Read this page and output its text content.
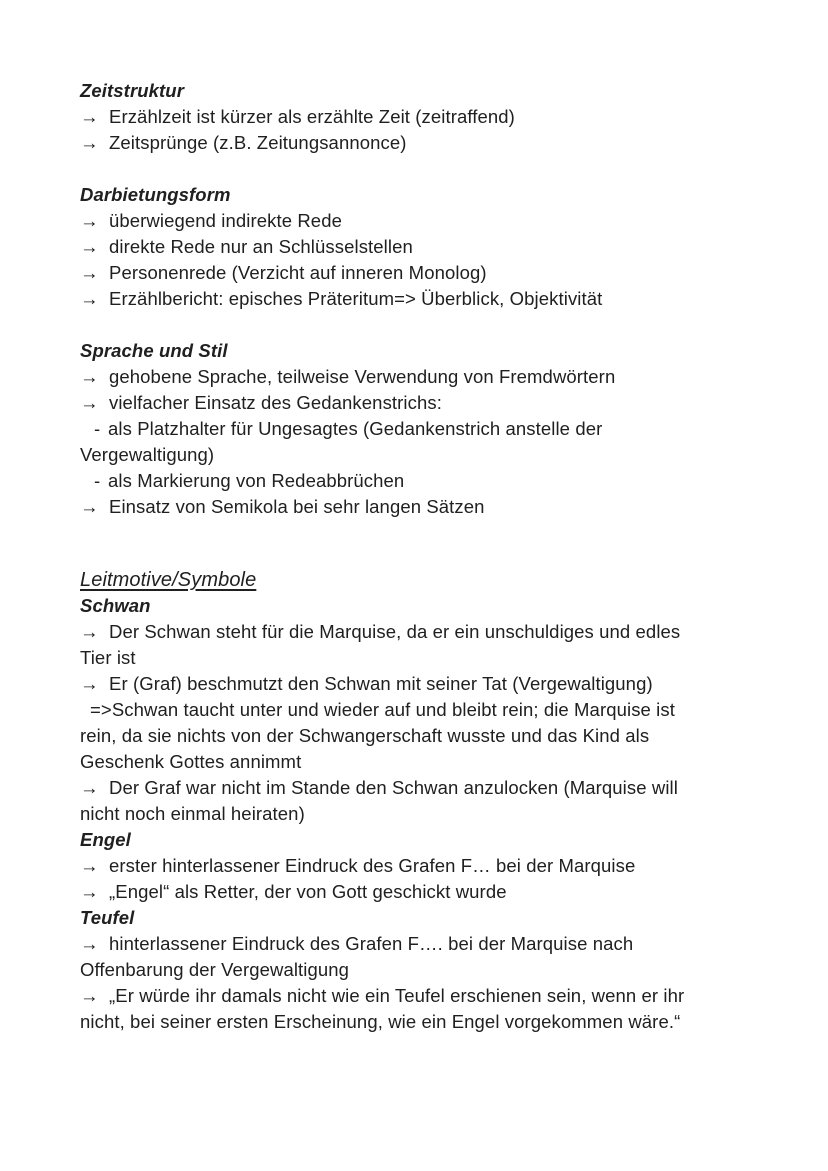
Zeitstruktur
→ Erzählzeit ist kürzer als erzählte Zeit (zeitraffend)
→ Zeitsprünge (z.B. Zeitungsannonce)
Darbietungsform
→ überwiegend indirekte Rede
→ direkte Rede nur an Schlüsselstellen
→ Personenrede (Verzicht auf inneren Monolog)
→ Erzählbericht: episches Präteritum=> Überblick, Objektivität
Sprache und Stil
→ gehobene Sprache, teilweise Verwendung von Fremdwörtern
→ vielfacher Einsatz des Gedankenstrichs:
- als Platzhalter für Ungesagtes (Gedankenstrich anstelle der
Vergewaltigung)
- als Markierung von Redeabbrüchen
→ Einsatz von Semikola bei sehr langen Sätzen
Leitmotive/Symbole
Schwan
→ Der Schwan steht für die Marquise, da er ein unschuldiges und edles
Tier ist
→ Er (Graf) beschmutzt den Schwan mit seiner Tat (Vergewaltigung)
=>Schwan taucht unter und wieder auf und bleibt rein; die Marquise ist
rein, da sie nichts von der Schwangerschaft wusste und das Kind als
Geschenk Gottes annimmt
→ Der Graf war nicht im Stande den Schwan anzulocken (Marquise will
nicht noch einmal heiraten)
Engel
→ erster hinterlassener Eindruck des Grafen F… bei der Marquise
→ „Engel“ als Retter, der von Gott geschickt wurde
Teufel
→ hinterlassener Eindruck des Grafen F…. bei der Marquise nach
Offenbarung der Vergewaltigung
→ „Er würde ihr damals nicht wie ein Teufel erschienen sein, wenn er ihr
nicht, bei seiner ersten Erscheinung, wie ein Engel vorgekommen wäre.“
